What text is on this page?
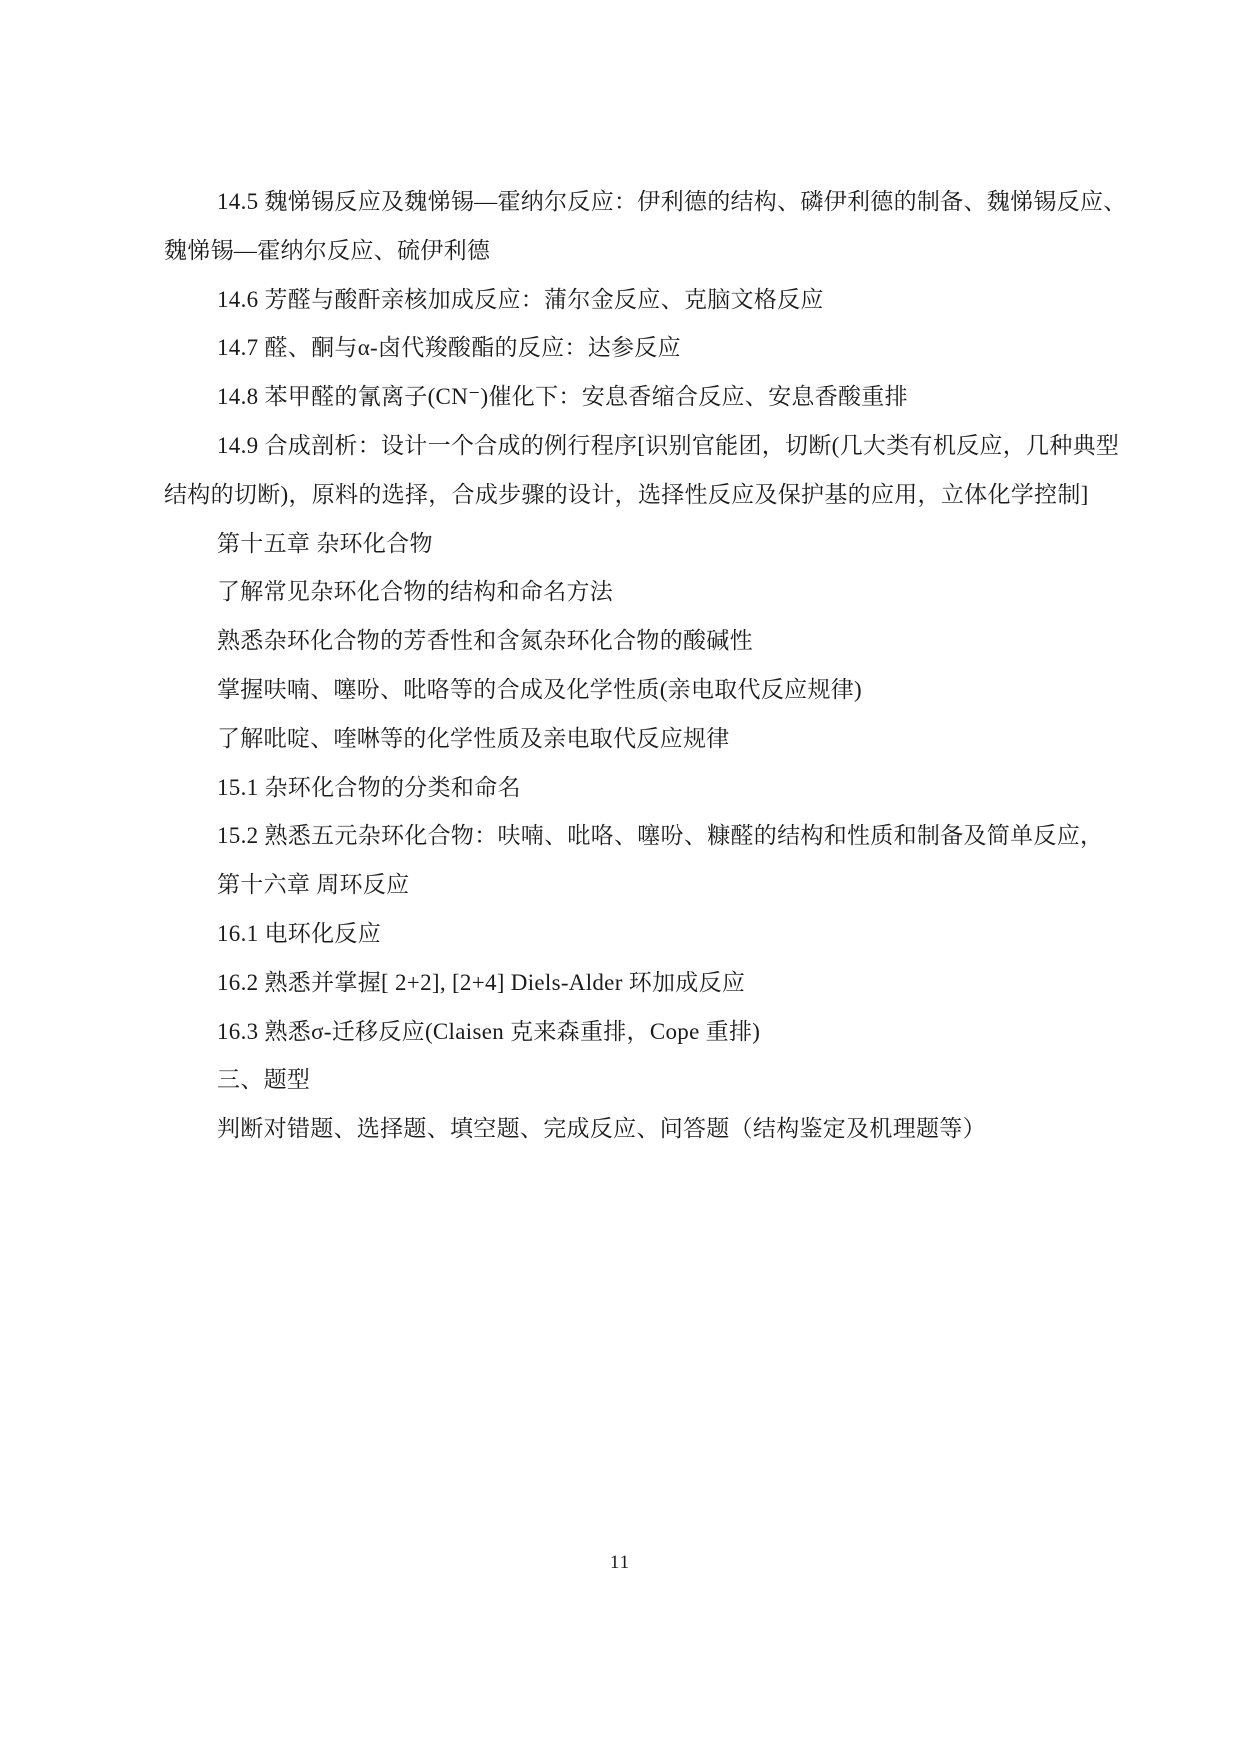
14.5 魏悌锡反应及魏悌锡—霍纳尔反应：伊利德的结构、磷伊利德的制备、魏悌锡反应、
魏悌锡—霍纳尔反应、硫伊利德
14.6 芳醛与酸酐亲核加成反应：蒲尔金反应、克脑文格反应
14.7 醛、酮与α-卤代羧酸酯的反应：达参反应
14.8 苯甲醛的氰离子(CN⁻)催化下：安息香缩合反应、安息香酸重排
14.9 合成剖析：设计一个合成的例行程序[识别官能团，切断(几大类有机反应，几种典型
结构的切断)，原料的选择，合成步骤的设计，选择性反应及保护基的应用，立体化学控制]
第十五章 杂环化合物
了解常见杂环化合物的结构和命名方法
熟悉杂环化合物的芳香性和含氮杂环化合物的酸碱性
掌握呋喃、噻吩、吡咯等的合成及化学性质(亲电取代反应规律)
了解吡啶、喹啉等的化学性质及亲电取代反应规律
15.1 杂环化合物的分类和命名
15.2 熟悉五元杂环化合物：呋喃、吡咯、噻吩、糠醛的结构和性质和制备及简单反应，
第十六章 周环反应
16.1 电环化反应
16.2 熟悉并掌握[ 2+2], [2+4] Diels-Alder 环加成反应
16.3 熟悉σ-迁移反应(Claisen 克来森重排，Cope 重排)
三、题型
判断对错题、选择题、填空题、完成反应、问答题（结构鉴定及机理题等）
11
